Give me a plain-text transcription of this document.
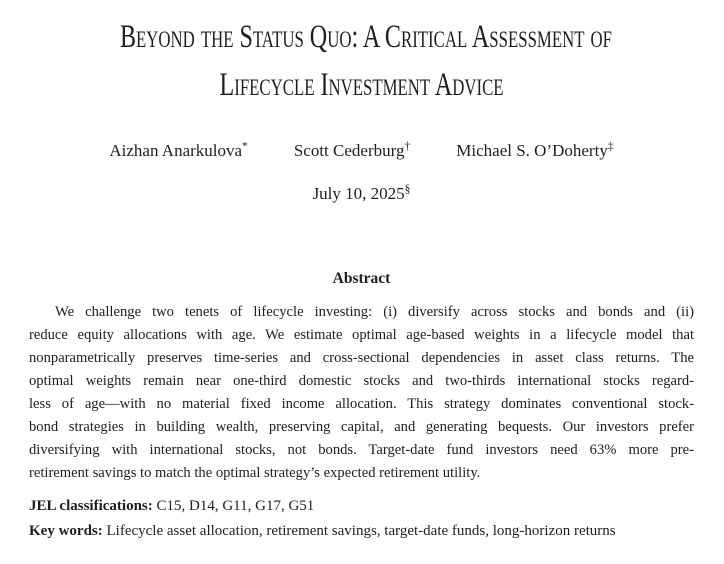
Beyond the Status Quo: A Critical Assessment of
Lifecycle Investment Advice
Aizhan Anarkulova*	Scott Cederburg†	Michael S. O’Doherty‡
July 10, 2025§
Abstract
We challenge two tenets of lifecycle investing: (i) diversify across stocks and bonds and (ii)
reduce equity allocations with age. We estimate optimal age-based weights in a lifecycle model that
nonparametrically preserves time-series and cross-sectional dependencies in asset class returns. The
optimal weights remain near one-third domestic stocks and two-thirds international stocks regard-
less of age—with no material fixed income allocation. This strategy dominates conventional stock-
bond strategies in building wealth, preserving capital, and generating bequests. Our investors prefer
diversifying with international stocks, not bonds. Target-date fund investors need 63% more pre-
retirement savings to match the optimal strategy’s expected retirement utility.
JEL classifications: C15, D14, G11, G17, G51
Key words: Lifecycle asset allocation, retirement savings, target-date funds, long-horizon returns
